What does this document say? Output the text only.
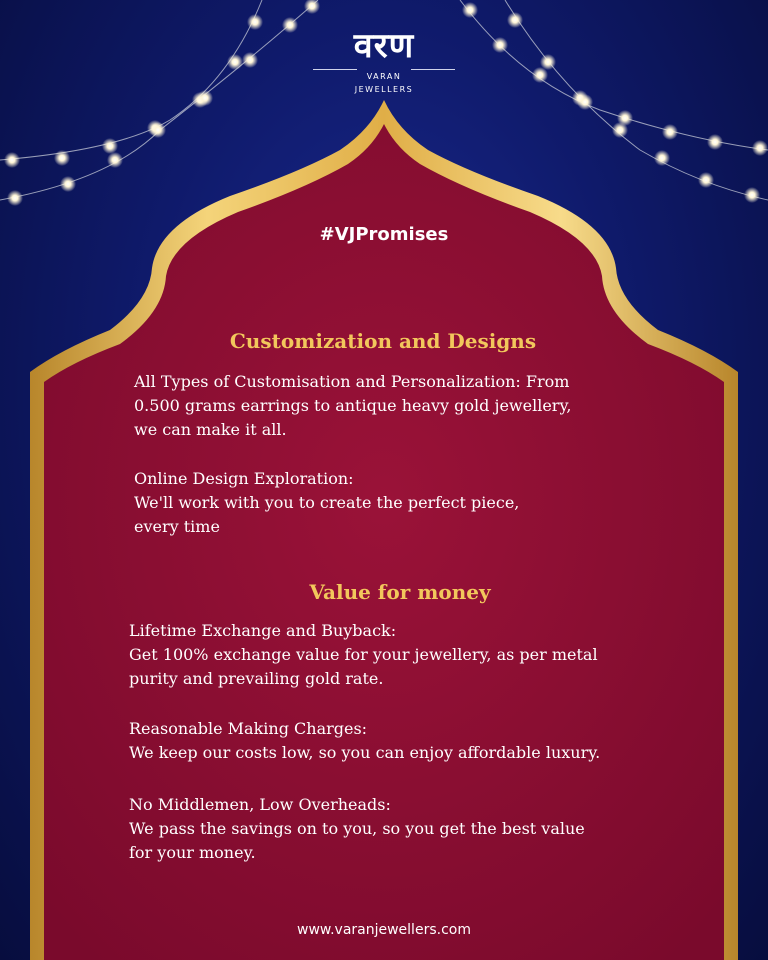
वरण
VARAN
JEWELLERS
#VJPromises
Customization and Designs
All Types of Customisation and Personalization: From
0.500 grams earrings to antique heavy gold jewellery,
we can make it all.
Online Design Exploration:
We'll work with you to create the perfect piece,
every time
Value for money
Lifetime Exchange and Buyback:
Get 100% exchange value for your jewellery, as per metal
purity and prevailing gold rate.
Reasonable Making Charges:
We keep our costs low, so you can enjoy affordable luxury.
No Middlemen, Low Overheads:
We pass the savings on to you, so you get the best value
for your money.
www.varanjewellers.com
